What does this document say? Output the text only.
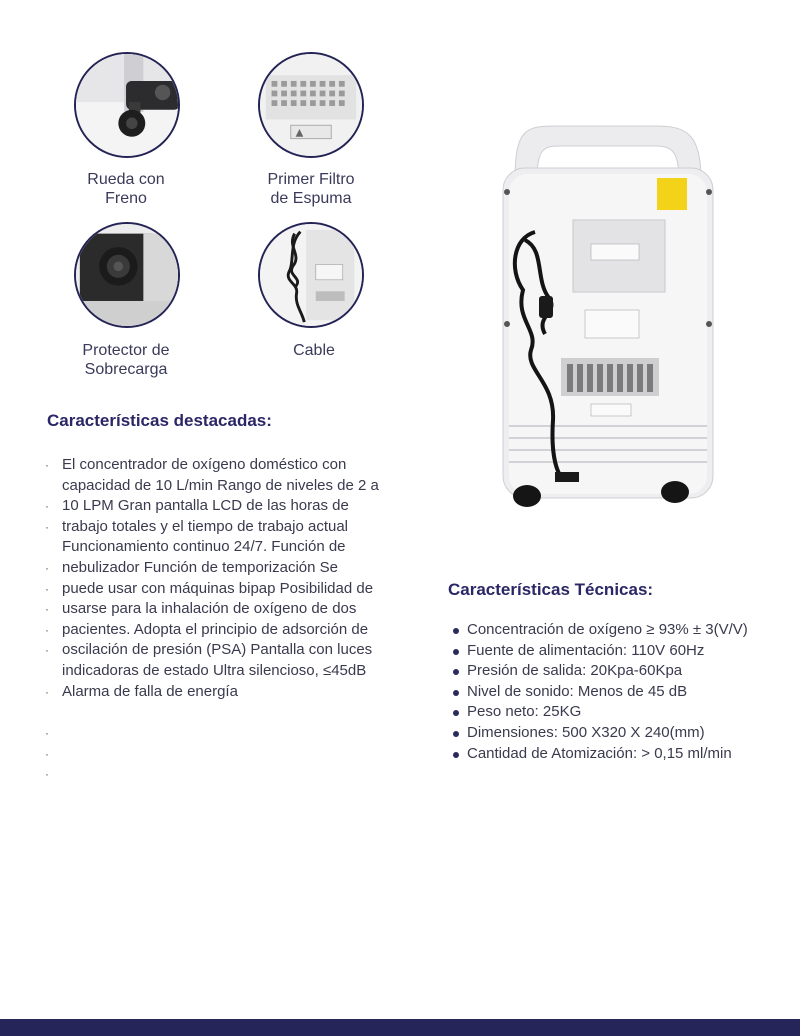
Rueda con
Freno
Primer Filtro
de Espuma
Protector de
Sobrecarga
Cable
Características destacadas:
·
·
·
·
·
·
·
·
·
·
·
·
El concentrador de oxígeno doméstico con
capacidad de 10 L/min Rango de niveles de 2 a
10 LPM Gran pantalla LCD de las horas de
trabajo totales y el tiempo de trabajo actual
Funcionamiento continuo 24/7. Función de
nebulizador Función de temporización Se
puede usar con máquinas bipap Posibilidad de
usarse para la inhalación de oxígeno de dos
pacientes. Adopta el principio de adsorción de
oscilación de presión (PSA) Pantalla con luces
indicadoras de estado Ultra silencioso, ≤45dB
Alarma de falla de energía
Características Técnicas:
Concentración de oxígeno ≥ 93% ± 3(V/V)
Fuente de alimentación: 110V 60Hz
Presión de salida: 20Kpa-60Kpa
Nivel de sonido: Menos de 45 dB
Peso neto: 25KG
Dimensiones: 500 X320 X 240(mm)
Cantidad de Atomización: > 0,15 ml/min
